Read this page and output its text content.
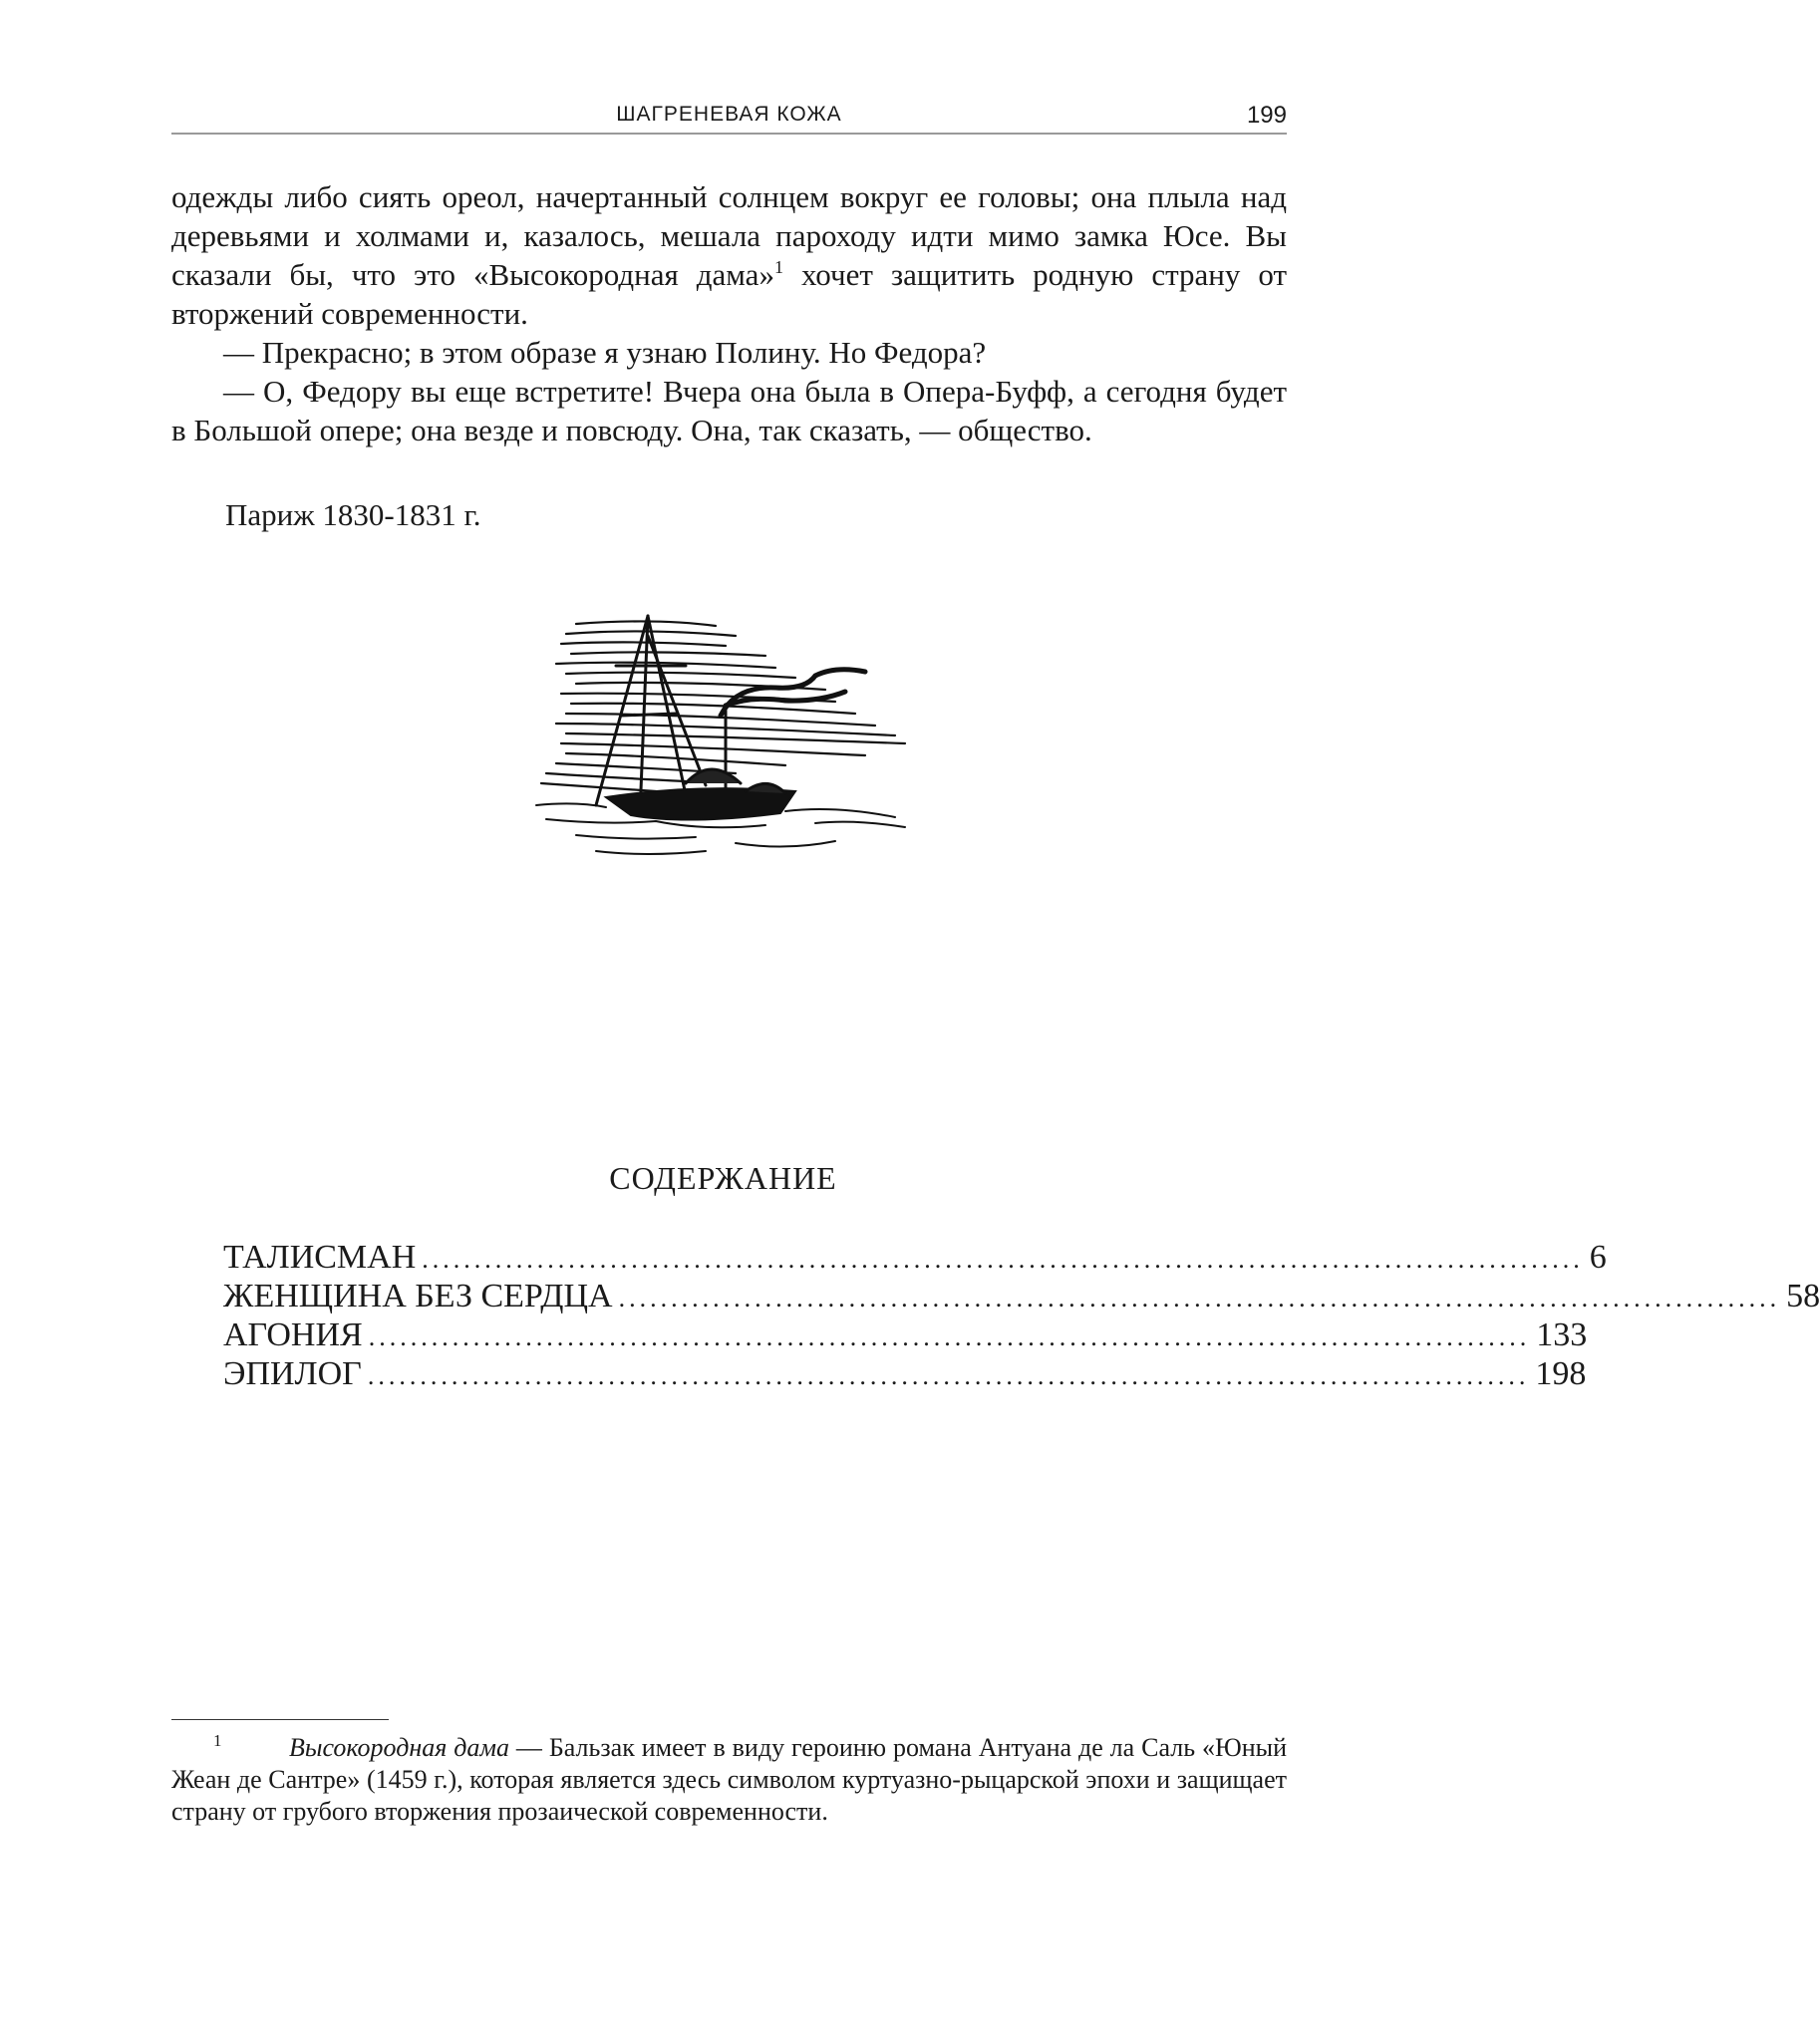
ШАГРЕНЕВАЯ КОЖА	199

одежды либо сиять ореол, начертанный солнцем вокруг ее головы; она плыла над деревьями и холмами и, казалось, мешала пароходу идти мимо замка Юсе. Вы сказали бы, что это «Высокородная дама»$^1$ хочет защитить родную страну от вторжений современности.

— Прекрасно; в этом образе я узнаю Полину. Но Федора?

— О, Федору вы еще встретите! Вчера она была в Опера-Буфф, а сегодня будет в Большой опере; она везде и повсюду. Она, так сказать, — общество.

Париж 1830-1831 г.
СОДЕРЖАНИЕ
ТАЛИСМАН ............................................................................................................... 6
ЖЕНЩИНА БЕЗ СЕРДЦА ............................................................................................................... 58
АГОНИЯ ............................................................................................................... 133
ЭПИЛОГ ............................................................................................................... 198

1	Высокородная дама — Бальзак имеет в виду героиню романа Антуана де ла Саль «Юный Жеан де Сантре» (1459 г.), которая является здесь символом куртуазно-рыцарской эпохи и защищает страну от грубого вторжения прозаической современности.
